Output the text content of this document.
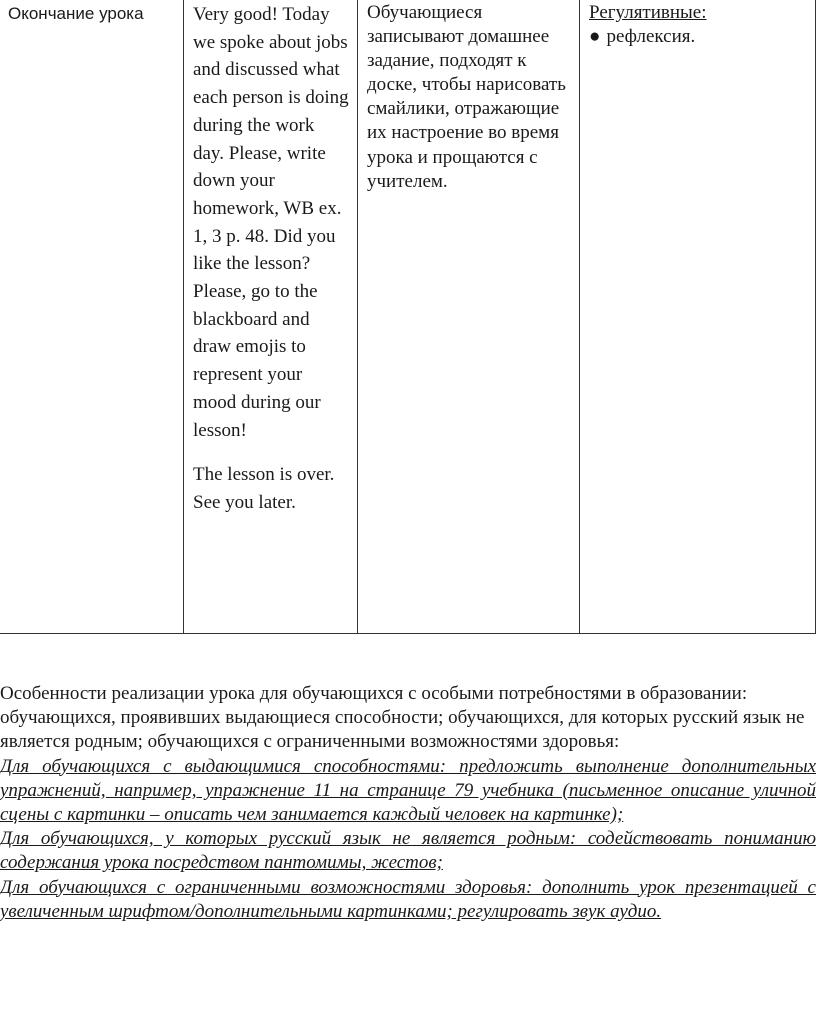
Окончание урока	Very good! Today we spoke about jobs and discussed what each person is doing during the work day. Please, write down your homework, WB ex. 1, 3 p. 48. Did you like the lesson? Please, go to the blackboard and draw emojis to represent your mood during our lesson!

The lesson is over. See you later.

Обучающиеся записывают домашнее задание, подходят к доске, чтобы нарисовать смайлики, отражающие их настроение во время урока и прощаются с учителем.

Регулятивные:
● рефлексия.

Особенности реализации урока для обучающихся с особыми потребностями в образовании: обучающихся, проявивших выдающиеся способности; обучающихся, для которых русский язык не является родным; обучающихся с ограниченными возможностями здоровья:

Для обучающихся с выдающимися способностями: предложить выполнение дополнительных упражнений, например, упражнение 11 на странице 79 учебника (письменное описание уличной сцены с картинки – описать чем занимается каждый человек на картинке);

Для обучающихся, у которых русский язык не является родным: содействовать пониманию содержания урока посредством пантомимы, жестов;

Для обучающихся с ограниченными возможностями здоровья: дополнить урок презентацией с увеличенным шрифтом/дополнительными картинками; регулировать звук аудио.
